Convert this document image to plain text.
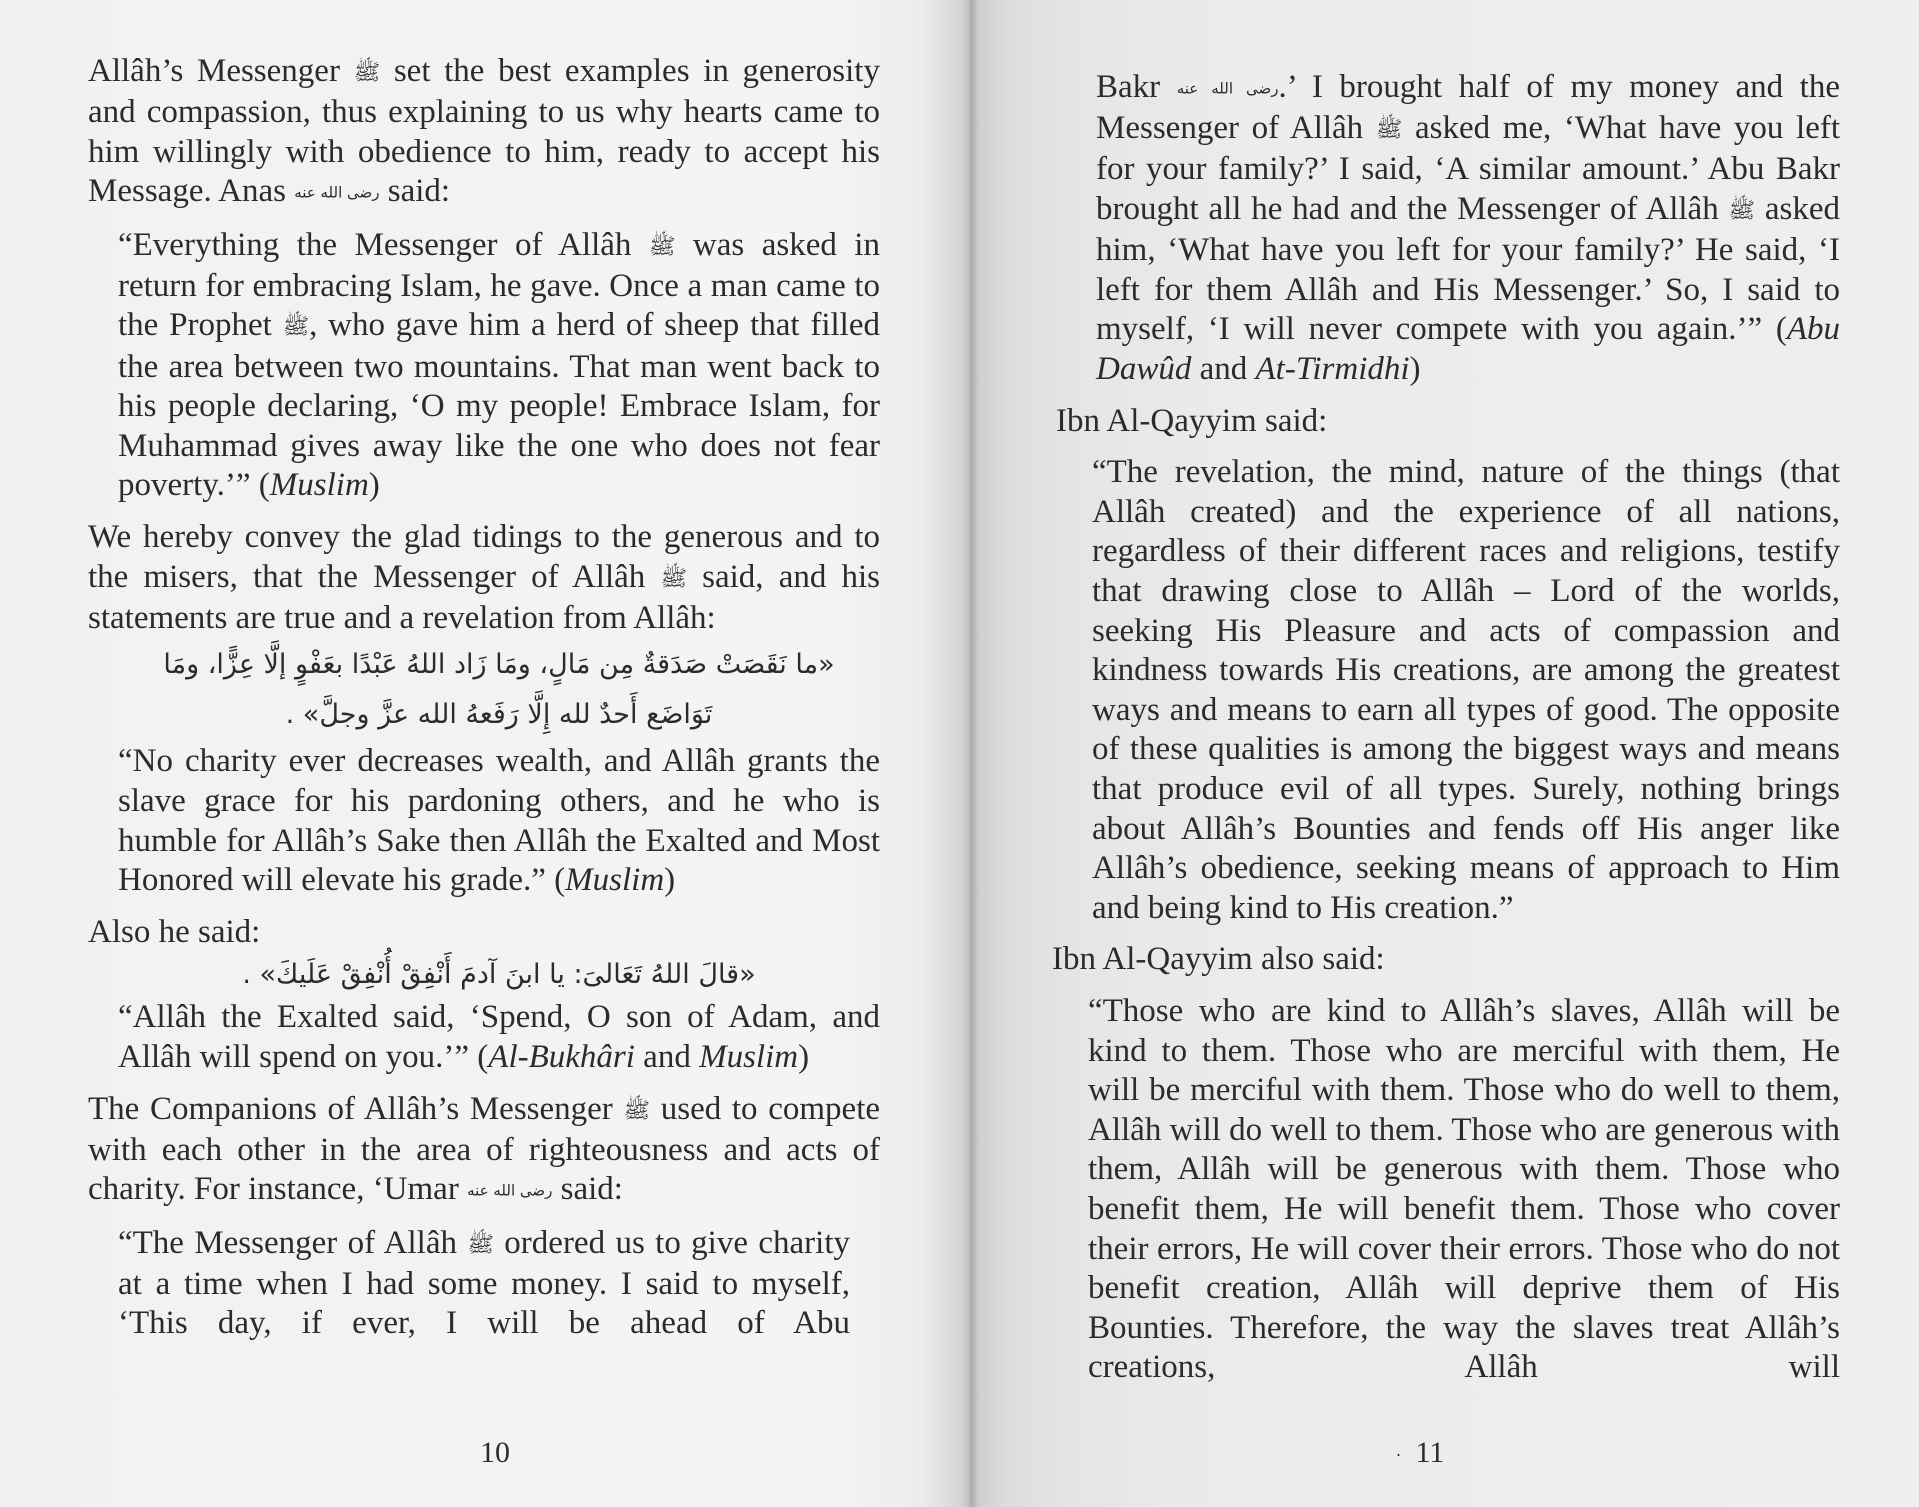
Allâh’s Messenger ﷺ set the best examples in generosity and compassion, thus explaining to us why hearts came to him willingly with obedience to him, ready to accept his Message. Anas رضى الله عنه said:

“Everything the Messenger of Allâh ﷺ was asked in return for embracing Islam, he gave. Once a man came to the Prophet ﷺ, who gave him a herd of sheep that filled the area between two mountains. That man went back to his people declaring, ‘O my people! Embrace Islam, for Muhammad gives away like the one who does not fear poverty.’” (Muslim)

We hereby convey the glad tidings to the generous and to the misers, that the Messenger of Allâh ﷺ said, and his statements are true and a revelation from Allâh:

«ما نَقَصَتْ صَدَقةٌ مِن مَالٍ، ومَا زَاد اللهُ عَبْدًا بعَفْوٍ إلَّا عِزًّا، ومَا
تَوَاضَع أَحدٌ لله إِلَّا رَفَعهُ الله عزَّ وجلَّ» .

“No charity ever decreases wealth, and Allâh grants the slave grace for his pardoning others, and he who is humble for Allâh’s Sake then Allâh the Exalted and Most Honored will elevate his grade.” (Muslim)

Also he said:

«قالَ اللهُ تَعَالىَ: يا ابنَ آدمَ أَنْفِقْ أُنْفِقْ عَلَيكَ» .

“Allâh the Exalted said, ‘Spend, O son of Adam, and Allâh will spend on you.’” (Al-Bukhâri and Muslim)

The Companions of Allâh’s Messenger ﷺ used to compete with each other in the area of righteousness and acts of charity. For instance, ‘Umar رضى الله عنه said:

“The Messenger of Allâh ﷺ ordered us to give charity at a time when I had some money. I said to myself, ‘This day, if ever, I will be ahead of Abu

10

Bakr رضى الله عنه.’ I brought half of my money and the Messenger of Allâh ﷺ asked me, ‘What have you left for your family?’ I said, ‘A similar amount.’ Abu Bakr brought all he had and the Messenger of Allâh ﷺ asked him, ‘What have you left for your family?’ He said, ‘I left for them Allâh and His Messenger.’ So, I said to myself, ‘I will never compete with you again.’” (Abu Dawûd and At-Tirmidhi)

Ibn Al-Qayyim said:

“The revelation, the mind, nature of the things (that Allâh created) and the experience of all nations, regardless of their different races and religions, testify that drawing close to Allâh – Lord of the worlds, seeking His Pleasure and acts of compassion and kindness towards His creations, are among the greatest ways and means to earn all types of good. The opposite of these qualities is among the biggest ways and means that produce evil of all types. Surely, nothing brings about Allâh’s Bounties and fends off His anger like Allâh’s obedience, seeking means of approach to Him and being kind to His creation.”

Ibn Al-Qayyim also said:

“Those who are kind to Allâh’s slaves, Allâh will be kind to them. Those who are merciful with them, He will be merciful with them. Those who do well to them, Allâh will do well to them. Those who are generous with them, Allâh will be generous with them. Those who benefit them, He will benefit them. Those who cover their errors, He will cover their errors. Those who do not benefit creation, Allâh will deprive them of His Bounties. Therefore, the way the slaves treat Allâh’s creations, Allâh will

· 11
